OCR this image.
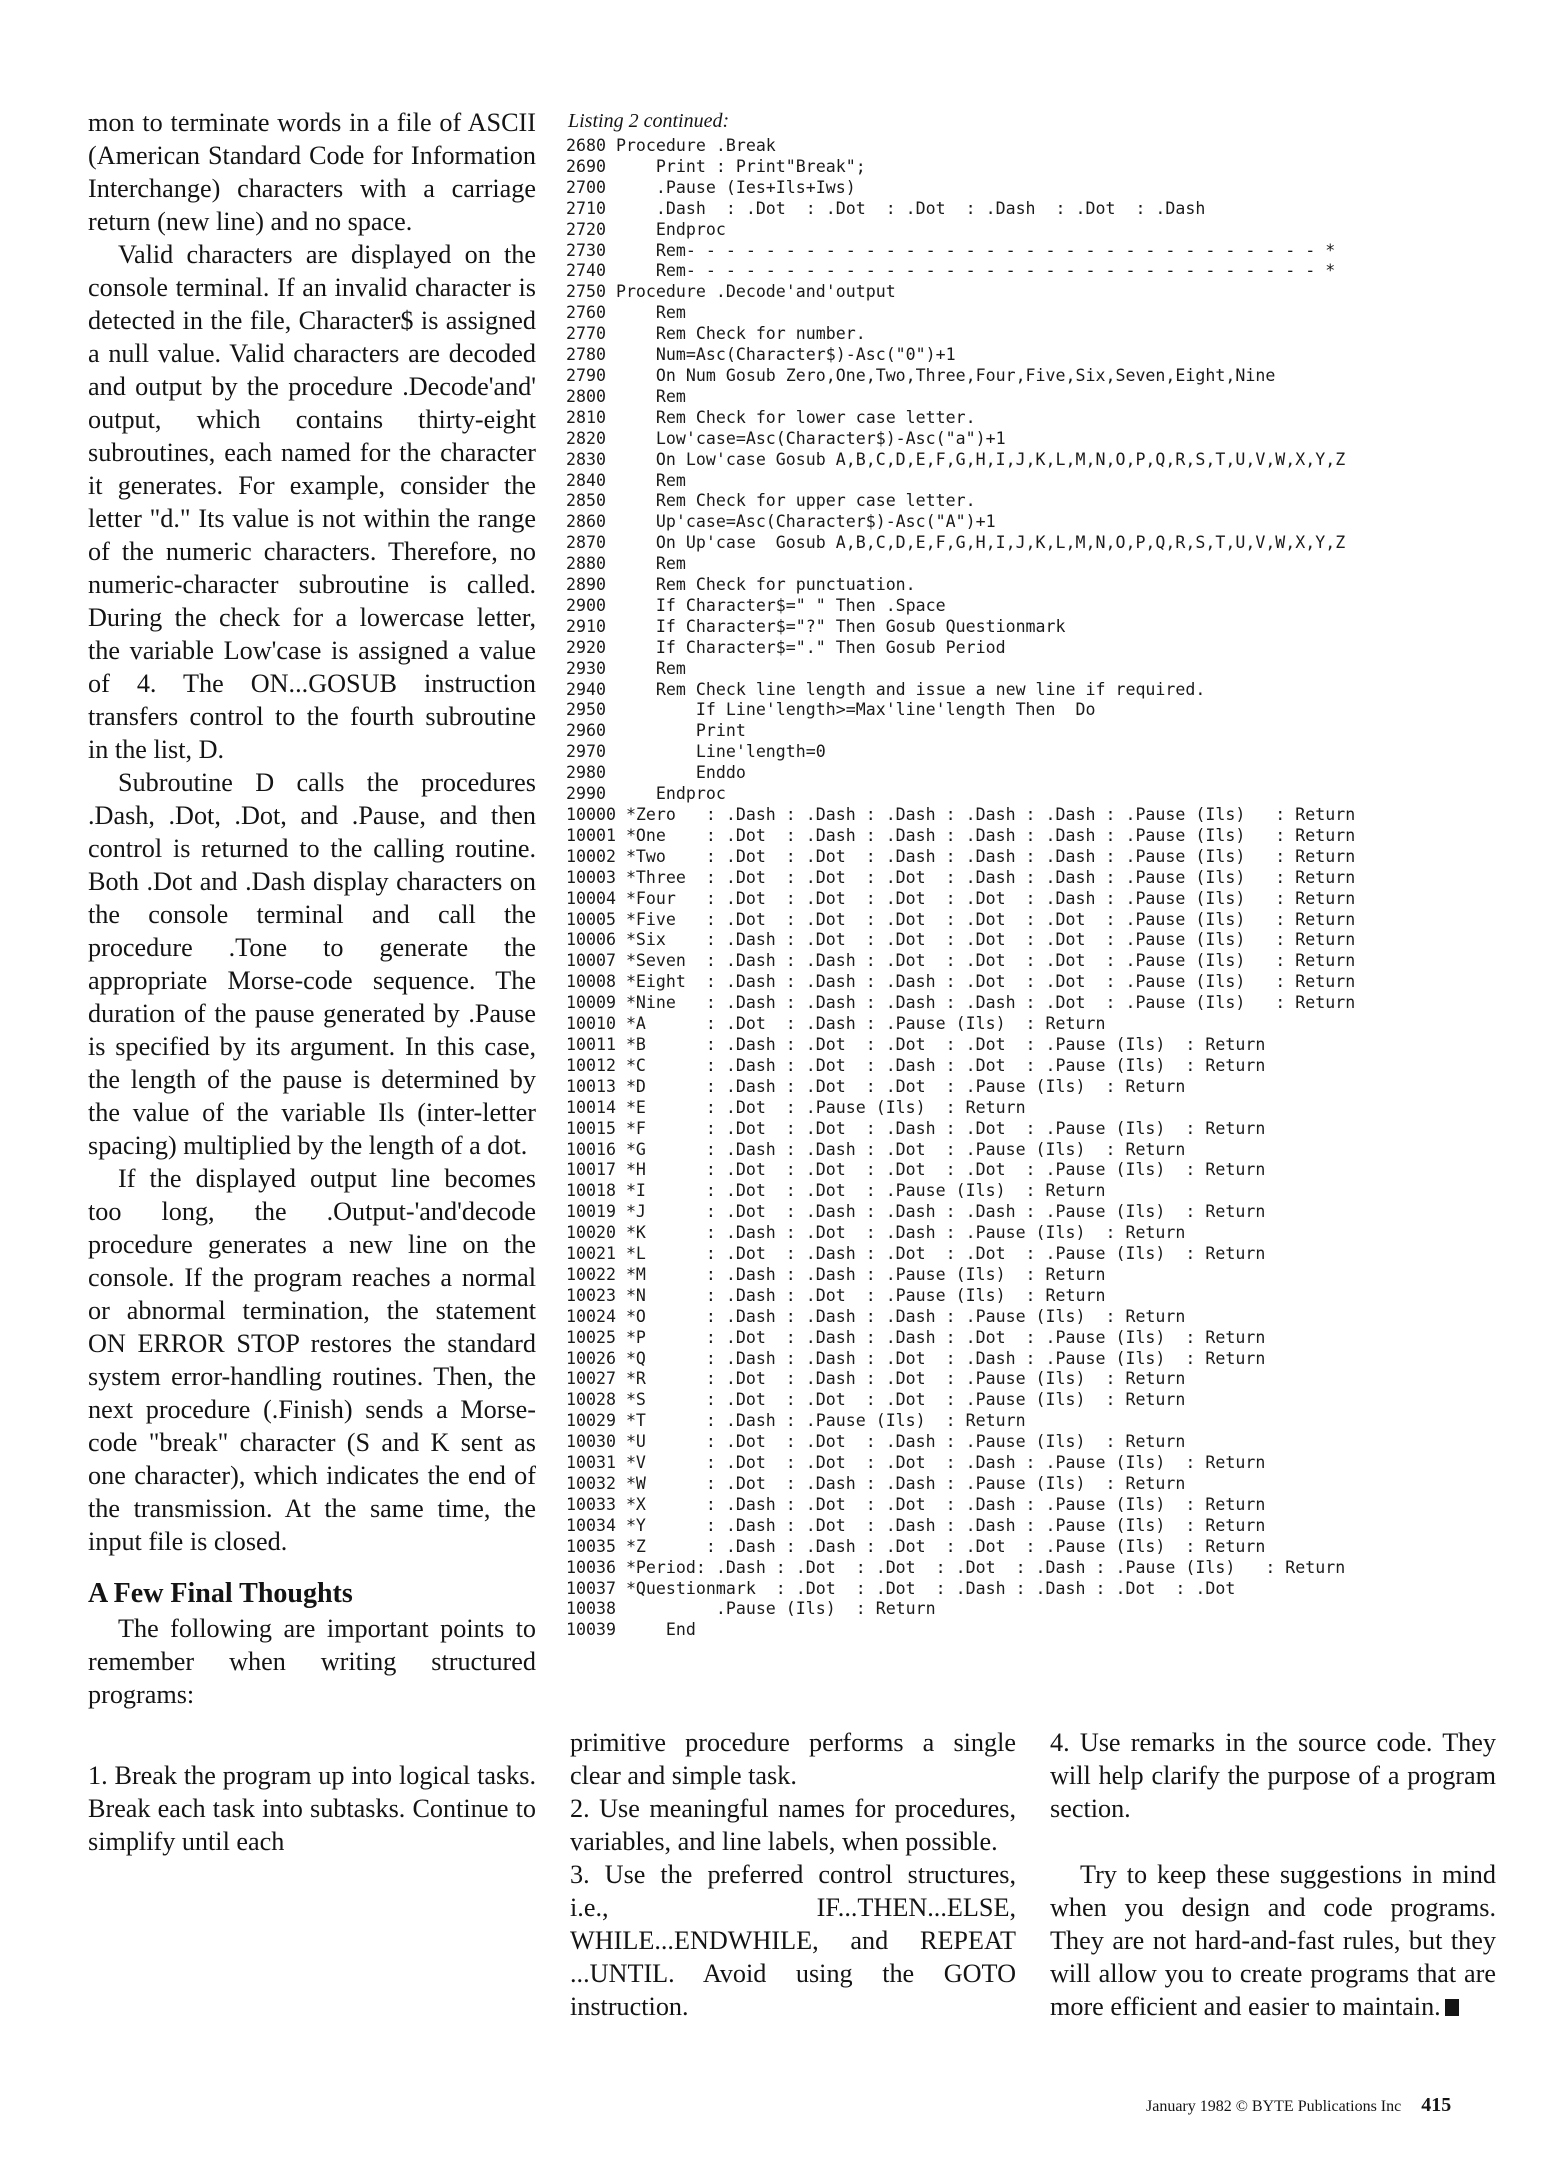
mon to terminate words in a file of ASCII (American Standard Code for Information Interchange) characters with a carriage return (new line) and no space.

Valid characters are displayed on the console terminal. If an invalid character is detected in the file, Character$ is assigned a null value. Valid characters are decoded and output by the procedure .Decode'and' output, which contains thirty-eight subroutines, each named for the character it generates. For example, consider the letter "d." Its value is not within the range of the numeric characters. Therefore, no numeric-character subroutine is called. During the check for a lowercase letter, the variable Low'case is assigned a value of 4. The ON...GOSUB instruction transfers control to the fourth subroutine in the list, D.

Subroutine D calls the procedures .Dash, .Dot, .Dot, and .Pause, and then control is returned to the calling routine. Both .Dot and .Dash display characters on the console terminal and call the procedure .Tone to generate the appropriate Morse-code sequence. The duration of the pause generated by .Pause is specified by its argument. In this case, the length of the pause is determined by the value of the variable Ils (inter-letter spacing) multiplied by the length of a dot.

If the displayed output line becomes too long, the .Output-'and'decode procedure generates a new line on the console. If the program reaches a normal or abnormal termination, the statement ON ERROR STOP restores the standard system error-handling routines. Then, the next procedure (.Finish) sends a Morse-code "break" character (S and K sent as one character), which indicates the end of the transmission. At the same time, the input file is closed.

A Few Final Thoughts

The following are important points to remember when writing structured programs:

1. Break the program up into logical tasks. Break each task into subtasks. Continue to simplify until each

Listing 2 continued:
2680 Procedure .Break
2690     Print : Print"Break";
2700     .Pause (Ies+Ils+Iws)
2710     .Dash  : .Dot  : .Dot  : .Dot  : .Dash  : .Dot  : .Dash
2720     Endproc
2730     Rem- - - - - - - - - - - - - - - - - - - - - - - - - - - - - - - - *
2740     Rem- - - - - - - - - - - - - - - - - - - - - - - - - - - - - - - - *
2750 Procedure .Decode'and'output
2760     Rem
2770     Rem Check for number.
2780     Num=Asc(Character$)-Asc("0")+1
2790     On Num Gosub Zero,One,Two,Three,Four,Five,Six,Seven,Eight,Nine
2800     Rem
2810     Rem Check for lower case letter.
2820     Low'case=Asc(Character$)-Asc("a")+1
2830     On Low'case Gosub A,B,C,D,E,F,G,H,I,J,K,L,M,N,O,P,Q,R,S,T,U,V,W,X,Y,Z
2840     Rem
2850     Rem Check for upper case letter.
2860     Up'case=Asc(Character$)-Asc("A")+1
2870     On Up'case  Gosub A,B,C,D,E,F,G,H,I,J,K,L,M,N,O,P,Q,R,S,T,U,V,W,X,Y,Z
2880     Rem
2890     Rem Check for punctuation.
2900     If Character$=" " Then .Space
2910     If Character$="?" Then Gosub Questionmark
2920     If Character$="." Then Gosub Period
2930     Rem
2940     Rem Check line length and issue a new line if required.
2950         If Line'length>=Max'line'length Then  Do
2960         Print
2970         Line'length=0
2980         Enddo
2990     Endproc
10000 *Zero   : .Dash : .Dash : .Dash : .Dash : .Dash : .Pause (Ils)   : Return
10001 *One    : .Dot  : .Dash : .Dash : .Dash : .Dash : .Pause (Ils)   : Return
10002 *Two    : .Dot  : .Dot  : .Dash : .Dash : .Dash : .Pause (Ils)   : Return
10003 *Three  : .Dot  : .Dot  : .Dot  : .Dash : .Dash : .Pause (Ils)   : Return
10004 *Four   : .Dot  : .Dot  : .Dot  : .Dot  : .Dash : .Pause (Ils)   : Return
10005 *Five   : .Dot  : .Dot  : .Dot  : .Dot  : .Dot  : .Pause (Ils)   : Return
10006 *Six    : .Dash : .Dot  : .Dot  : .Dot  : .Dot  : .Pause (Ils)   : Return
10007 *Seven  : .Dash : .Dash : .Dot  : .Dot  : .Dot  : .Pause (Ils)   : Return
10008 *Eight  : .Dash : .Dash : .Dash : .Dot  : .Dot  : .Pause (Ils)   : Return
10009 *Nine   : .Dash : .Dash : .Dash : .Dash : .Dot  : .Pause (Ils)   : Return
10010 *A      : .Dot  : .Dash : .Pause (Ils)  : Return
10011 *B      : .Dash : .Dot  : .Dot  : .Dot  : .Pause (Ils)  : Return
10012 *C      : .Dash : .Dot  : .Dash : .Dot  : .Pause (Ils)  : Return
10013 *D      : .Dash : .Dot  : .Dot  : .Pause (Ils)  : Return
10014 *E      : .Dot  : .Pause (Ils)  : Return
10015 *F      : .Dot  : .Dot  : .Dash : .Dot  : .Pause (Ils)  : Return
10016 *G      : .Dash : .Dash : .Dot  : .Pause (Ils)  : Return
10017 *H      : .Dot  : .Dot  : .Dot  : .Dot  : .Pause (Ils)  : Return
10018 *I      : .Dot  : .Dot  : .Pause (Ils)  : Return
10019 *J      : .Dot  : .Dash : .Dash : .Dash : .Pause (Ils)  : Return
10020 *K      : .Dash : .Dot  : .Dash : .Pause (Ils)  : Return
10021 *L      : .Dot  : .Dash : .Dot  : .Dot  : .Pause (Ils)  : Return
10022 *M      : .Dash : .Dash : .Pause (Ils)  : Return
10023 *N      : .Dash : .Dot  : .Pause (Ils)  : Return
10024 *O      : .Dash : .Dash : .Dash : .Pause (Ils)  : Return
10025 *P      : .Dot  : .Dash : .Dash : .Dot  : .Pause (Ils)  : Return
10026 *Q      : .Dash : .Dash : .Dot  : .Dash : .Pause (Ils)  : Return
10027 *R      : .Dot  : .Dash : .Dot  : .Pause (Ils)  : Return
10028 *S      : .Dot  : .Dot  : .Dot  : .Pause (Ils)  : Return
10029 *T      : .Dash : .Pause (Ils)  : Return
10030 *U      : .Dot  : .Dot  : .Dash : .Pause (Ils)  : Return
10031 *V      : .Dot  : .Dot  : .Dot  : .Dash : .Pause (Ils)  : Return
10032 *W      : .Dot  : .Dash : .Dash : .Pause (Ils)  : Return
10033 *X      : .Dash : .Dot  : .Dot  : .Dash : .Pause (Ils)  : Return
10034 *Y      : .Dash : .Dot  : .Dash : .Dash : .Pause (Ils)  : Return
10035 *Z      : .Dash : .Dash : .Dot  : .Dot  : .Pause (Ils)  : Return
10036 *Period: .Dash : .Dot  : .Dot  : .Dot  : .Dash : .Pause (Ils)   : Return
10037 *Questionmark  : .Dot  : .Dot  : .Dash : .Dash : .Dot  : .Dot
10038          .Pause (Ils)  : Return
10039     End

primitive procedure performs a single clear and simple task.

2. Use meaningful names for procedures, variables, and line labels, when possible.

3. Use the preferred control structures, i.e., IF...THEN...ELSE, WHILE...ENDWHILE, and REPEAT ...UNTIL. Avoid using the GOTO instruction.

4. Use remarks in the source code. They will help clarify the purpose of a program section.

Try to keep these suggestions in mind when you design and code programs. They are not hard-and-fast rules, but they will allow you to create programs that are more efficient and easier to maintain.

January 1982 © BYTE Publications Inc 415
